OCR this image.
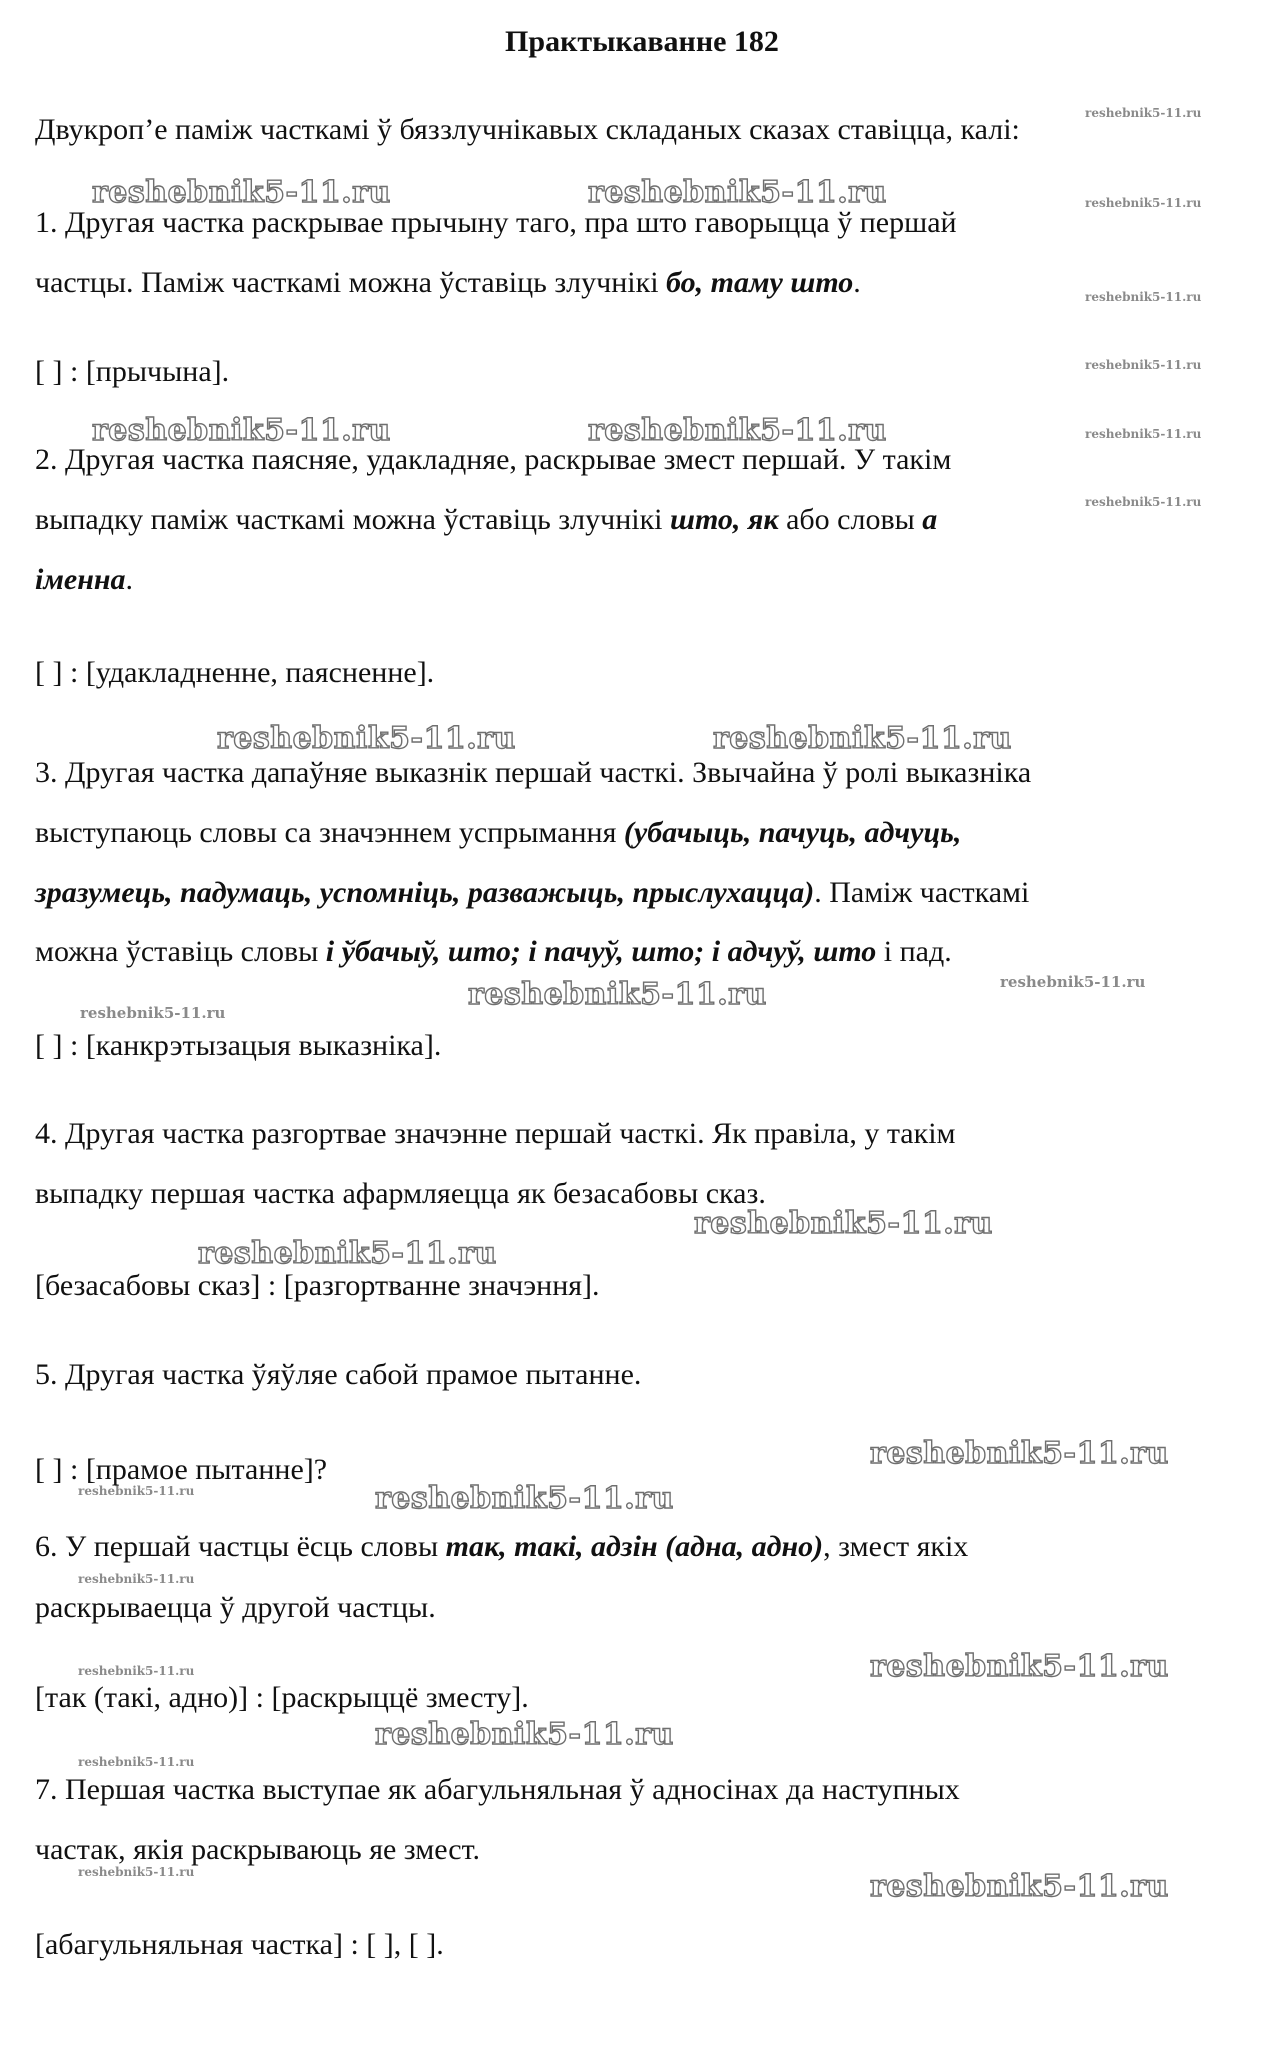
Практыкаванне 182
reshebnik5-11.ru
reshebnik5-11.ru
reshebnik5-11.ru
reshebnik5-11.ru
reshebnik5-11.ru
reshebnik5-11.ru
Двукроп’е паміж часткамі ў бяззлучнікавых складаных сказах ставіцца, калі:
reshebnik5-11.ru	reshebnik5-11.ru
1. Другая частка раскрывае прычыну таго, пра што гаворыцца ў першай
частцы. Паміж часткамі можна ўставіць злучнікі бо, таму што.
[ ] : [прычына].
reshebnik5-11.ru	reshebnik5-11.ru
2. Другая частка паясняе, удакладняе, раскрывае змест першай. У такім
выпадку паміж часткамі можна ўставіць злучнікі што, як або словы а
іменна.
[ ] : [удакладненне, паясненне].
reshebnik5-11.ru	reshebnik5-11.ru
3. Другая частка дапаўняе выказнік першай часткі. Звычайна ў ролі выказніка
выступаюць словы са значэннем успрымання (убачыць, пачуць, адчуць,
зразумець, падумаць, успомніць, разважыць, прыслухацца). Паміж часткамі
можна ўставіць словы і ўбачыў, што; і пачуў, што; і адчуў, што і пад.
reshebnik5-11.ru
reshebnik5-11.ru	reshebnik5-11.ru
[ ] : [канкрэтызацыя выказніка].
4. Другая частка разгортвае значэнне першай часткі. Як правіла, у такім
выпадку першая частка афармляецца як безасабовы сказ.
reshebnik5-11.ru
reshebnik5-11.ru
[безасабовы сказ] : [разгортванне значэння].
5. Другая частка ўяўляе сабой прамое пытанне.
reshebnik5-11.ru
[ ] : [прамое пытанне]?
reshebnik5-11.ru	reshebnik5-11.ru
6. У першай частцы ёсць словы так, такі, адзін (адна, адно), змест якіх
reshebnik5-11.ru
раскрываецца ў другой частцы.
reshebnik5-11.ru	reshebnik5-11.ru
[так (такі, адно)] : [раскрыццё зместу].
reshebnik5-11.ru
reshebnik5-11.ru
7. Першая частка выступае як абагульняльная ў адносінах да наступных
частак, якія раскрываюць яе змест.
reshebnik5-11.ru	reshebnik5-11.ru
[абагульняльная частка] : [ ], [ ].
